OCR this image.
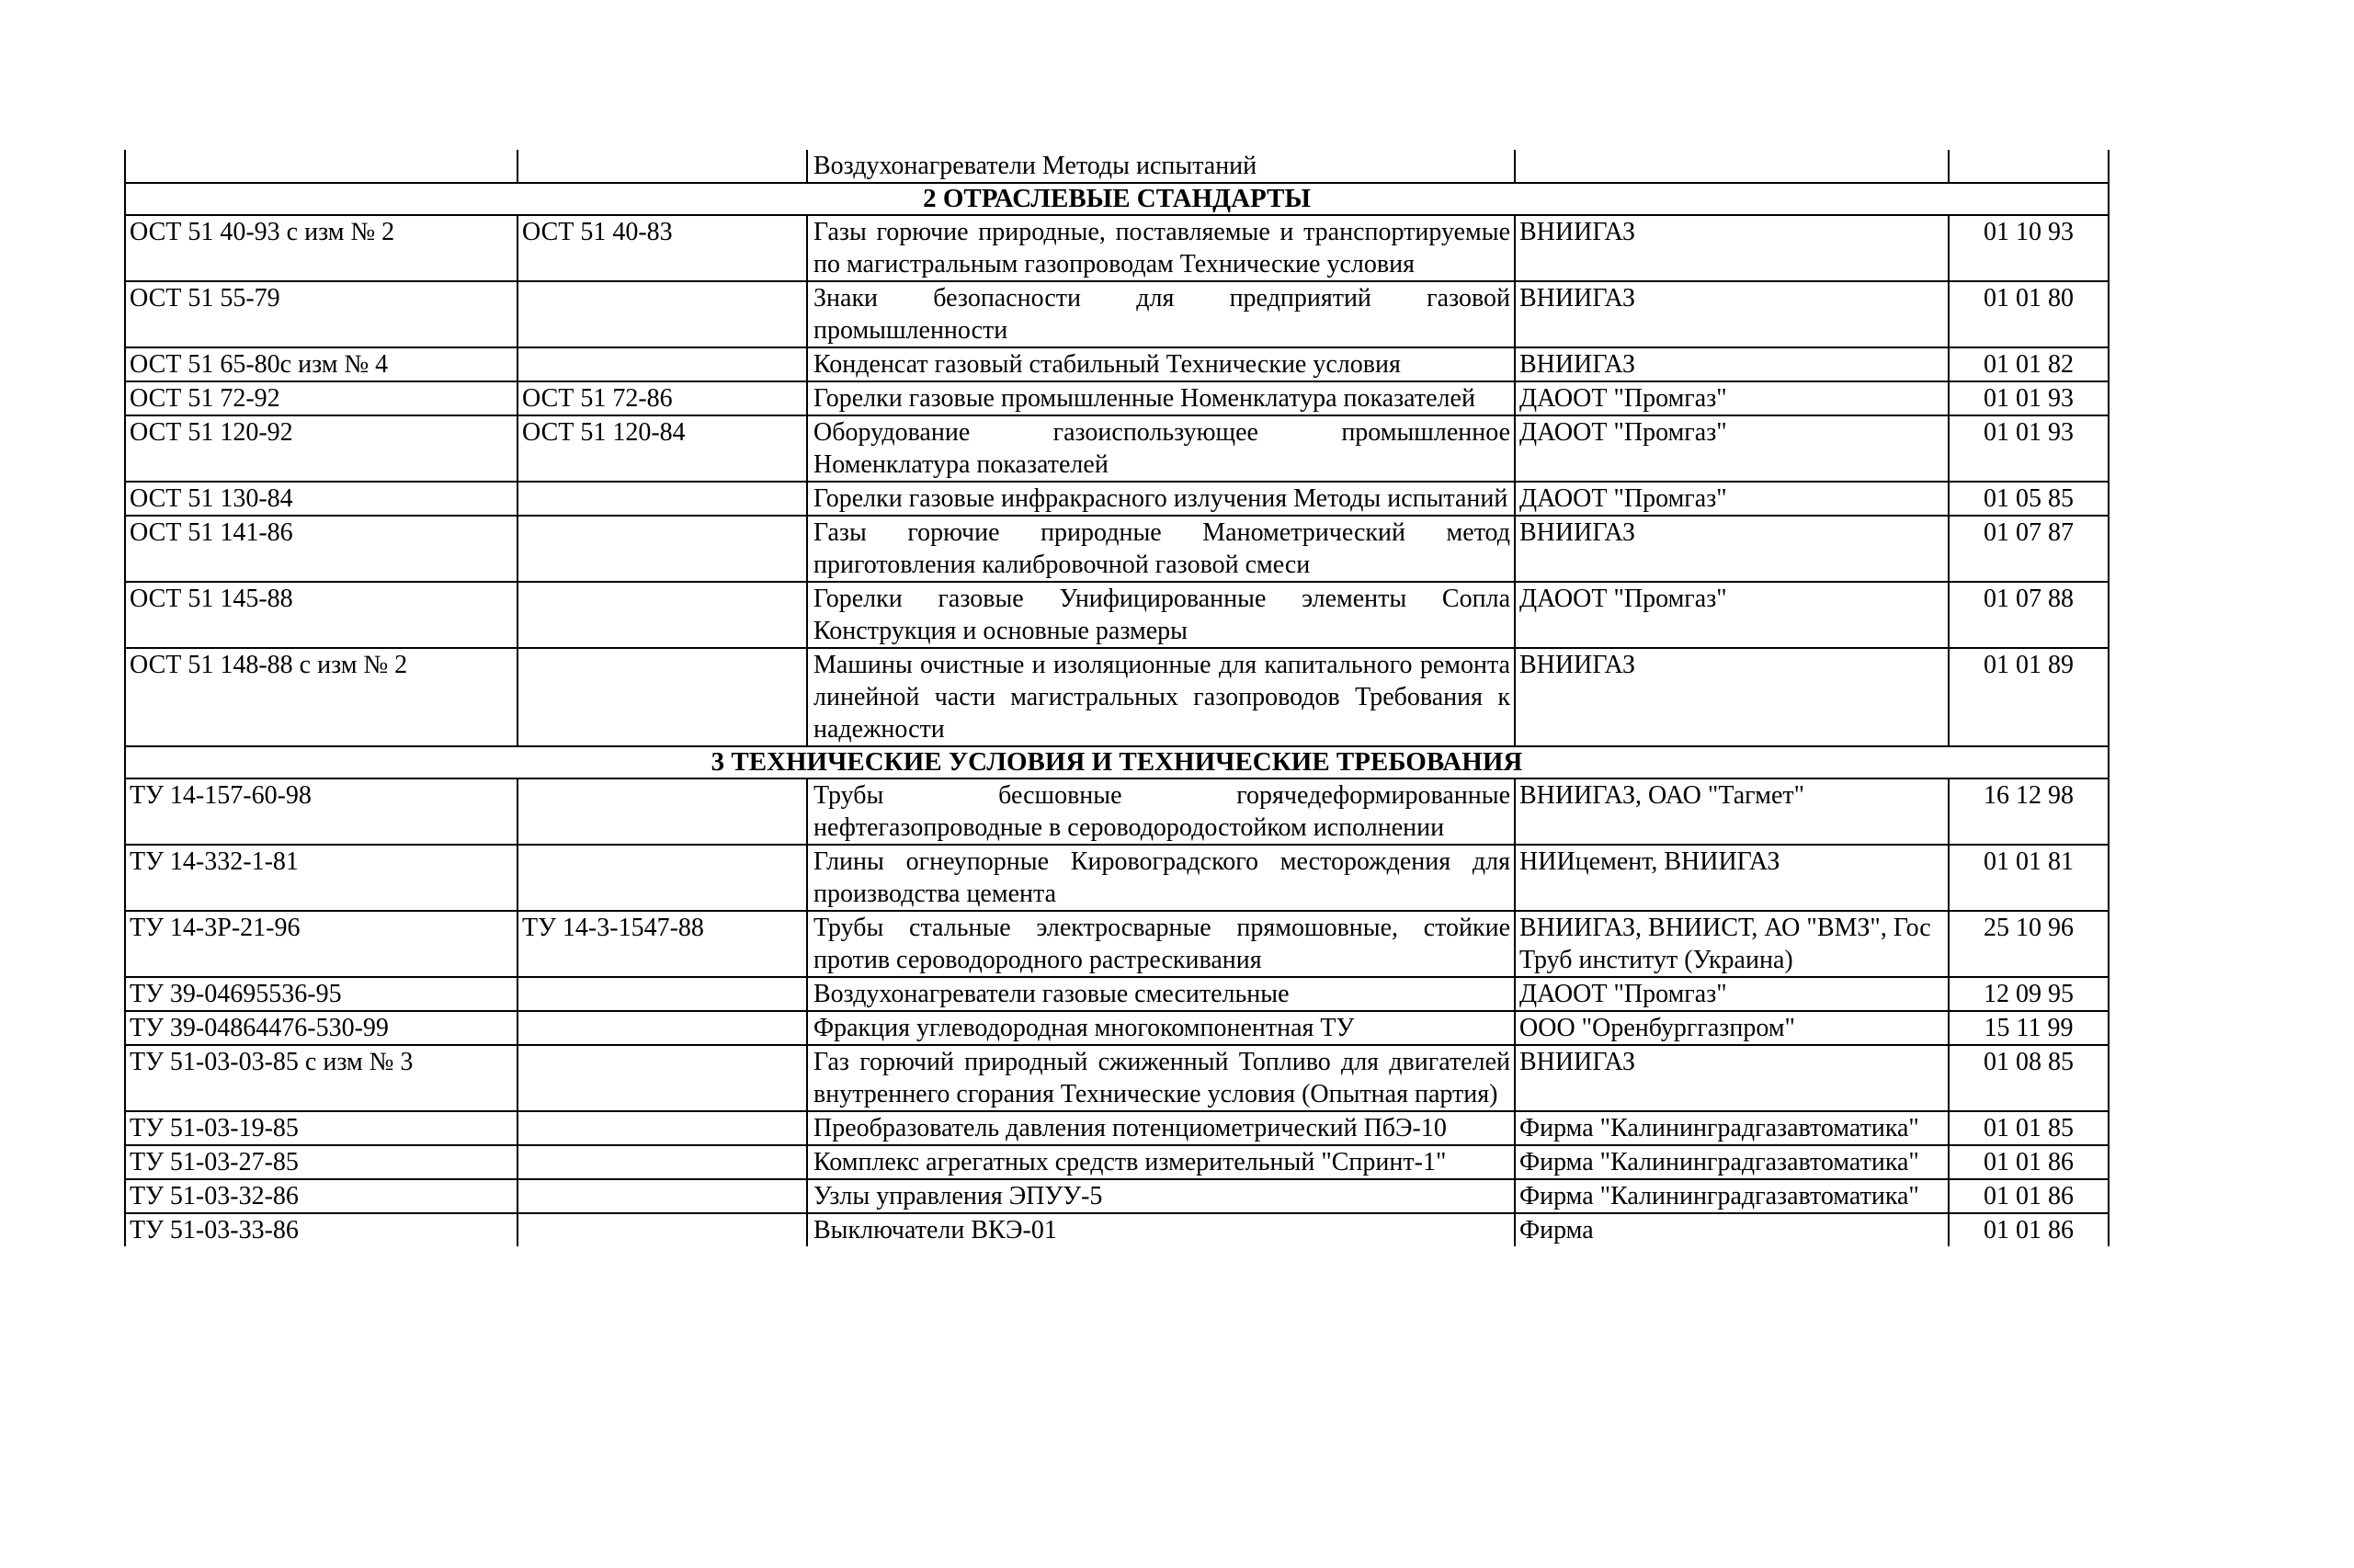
		Воздухонагреватели Методы испытаний		
2 ОТРАСЛЕВЫЕ СТАНДАРТЫ				
ОСТ 51 40-93 с изм № 2	ОСТ 51 40-83	Газы горючие природные, поставляемые и транспортируемые по магистральным газопроводам Технические условия	ВНИИГАЗ	01 10 93
ОСТ 51 55-79		Знаки безопасности для предприятий газовой промышленности	ВНИИГАЗ	01 01 80
ОСТ 51 65-80с изм № 4		Конденсат газовый стабильный Технические условия	ВНИИГАЗ	01 01 82
ОСТ 51 72-92	ОСТ 51 72-86	Горелки газовые промышленные Номенклатура показателей	ДАООТ "Промгаз"	01 01 93
ОСТ 51 120-92	ОСТ 51 120-84	Оборудование газоиспользующее промышленное Номенклатура показателей	ДАООТ "Промгаз"	01 01 93
ОСТ 51 130-84		Горелки газовые инфракрасного излучения Методы испытаний	ДАООТ "Промгаз"	01 05 85
ОСТ 51 141-86		Газы горючие природные Манометрический метод приготовления калибровочной газовой смеси	ВНИИГАЗ	01 07 87
ОСТ 51 145-88		Горелки газовые Унифицированные элементы Сопла Конструкция и основные размеры	ДАООТ "Промгаз"	01 07 88
ОСТ 51 148-88 с изм № 2		Машины очистные и изоляционные для капитального ремонта линейной части магистральных газопроводов Требования к надежности	ВНИИГАЗ	01 01 89
3 ТЕХНИЧЕСКИЕ УСЛОВИЯ И ТЕХНИЧЕСКИЕ ТРЕБОВАНИЯ				
ТУ 14-157-60-98		Трубы бесшовные горячедеформированные нефтегазопроводные в сероводородостойком исполнении	ВНИИГАЗ, ОАО "Тагмет"	16 12 98
ТУ 14-332-1-81		Глины огнеупорные Кировоградского месторождения для производства цемента	НИИцемент, ВНИИГАЗ	01 01 81
ТУ 14-3Р-21-96	ТУ 14-3-1547-88	Трубы стальные электросварные прямошовные, стойкие против сероводородного растрескивания	ВНИИГАЗ, ВНИИСТ, АО "ВМЗ", Гос Труб институт (Украина)	25 10 96
ТУ 39-04695536-95		Воздухонагреватели газовые смесительные	ДАООТ "Промгаз"	12 09 95
ТУ 39-04864476-530-99		Фракция углеводородная многокомпонентная ТУ	ООО "Оренбурггазпром"	15 11 99
ТУ 51-03-03-85 с изм № 3		Газ горючий природный сжиженный Топливо для двигателей внутреннего сгорания Технические условия (Опытная партия)	ВНИИГАЗ	01 08 85
ТУ 51-03-19-85		Преобразователь давления потенциометрический ПбЭ-10	Фирма "Калининградгазавтоматика"	01 01 85
ТУ 51-03-27-85		Комплекс агрегатных средств измерительный "Спринт-1"	Фирма "Калининградгазавтоматика"	01 01 86
ТУ 51-03-32-86		Узлы управления ЭПУУ-5	Фирма "Калининградгазавтоматика"	01 01 86
ТУ 51-03-33-86		Выключатели ВКЭ-01	Фирма	01 01 86
